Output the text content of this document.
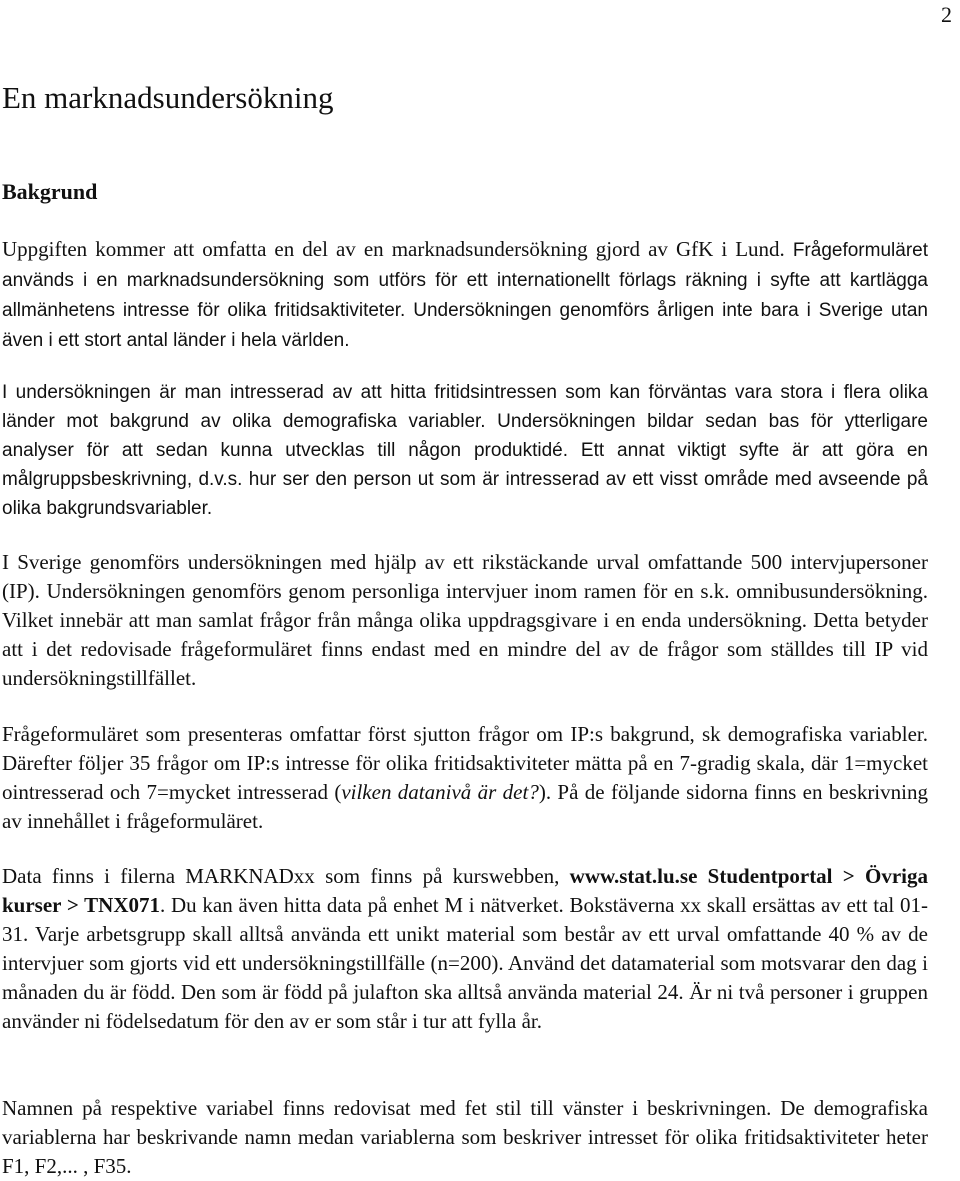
2
En marknadsundersökning
Bakgrund

Uppgiften kommer att omfatta en del av en marknadsundersökning gjord av GfK i Lund. Frågeformuläret används i en marknadsundersökning som utförs för ett internationellt förlags räkning i syfte att kartlägga allmänhetens intresse för olika fritidsaktiviteter. Undersökningen genomförs årligen inte bara i Sverige utan även i ett stort antal länder i hela världen.

I undersökningen är man intresserad av att hitta fritidsintressen som kan förväntas vara stora i flera olika länder mot bakgrund av olika demografiska variabler. Undersökningen bildar sedan bas för ytterligare analyser för att sedan kunna utvecklas till någon produktidé. Ett annat viktigt syfte är att göra en målgruppsbeskrivning, d.v.s. hur ser den person ut som är intresserad av ett visst område med avseende på olika bakgrundsvariabler.

I Sverige genomförs undersökningen med hjälp av ett rikstäckande urval omfattande 500 intervjupersoner (IP). Undersökningen genomförs genom personliga intervjuer inom ramen för en s.k. omnibusundersökning. Vilket innebär att man samlat frågor från många olika uppdragsgivare i en enda undersökning. Detta betyder att i det redovisade frågeformuläret finns endast med en mindre del av de frågor som ställdes till IP vid undersökningstillfället.

Frågeformuläret som presenteras omfattar först sjutton frågor om IP:s bakgrund, sk demografiska variabler. Därefter följer 35 frågor om IP:s intresse för olika fritidsaktiviteter mätta på en 7-gradig skala, där 1=mycket ointresserad och 7=mycket intresserad (vilken datanivå är det?). På de följande sidorna finns en beskrivning av innehållet i frågeformuläret.

Data finns i filerna MARKNADxx som finns på kurswebben, www.stat.lu.se Studentportal > Övriga kurser > TNX071. Du kan även hitta data på enhet M i nätverket. Bokstäverna xx skall ersättas av ett tal 01-31. Varje arbetsgrupp skall alltså använda ett unikt material som består av ett urval omfattande 40 % av de intervjuer som gjorts vid ett undersökningstillfälle (n=200). Använd det datamaterial som motsvarar den dag i månaden du är född. Den som är född på julafton ska alltså använda material 24. Är ni två personer i gruppen använder ni födelsedatum för den av er som står i tur att fylla år.

Namnen på respektive variabel finns redovisat med fet stil till vänster i beskrivningen. De demografiska variablerna har beskrivande namn medan variablerna som beskriver intresset för olika fritidsaktiviteter heter F1, F2,... , F35.
